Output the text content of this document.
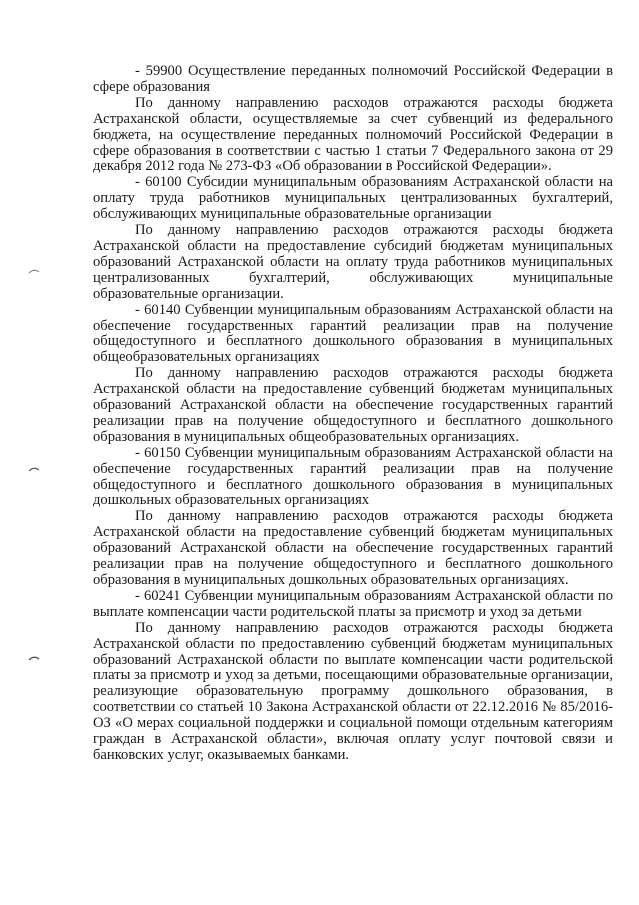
- 59900 Осуществление переданных полномочий Российской Федерации в сфере образования

По данному направлению расходов отражаются расходы бюджета Астраханской области, осуществляемые за счет субвенций из федерального бюджета, на осуществление переданных полномочий Российской Федерации в сфере образования в соответствии с частью 1 статьи 7 Федерального закона от 29 декабря 2012 года № 273-ФЗ «Об образовании в Российской Федерации».

- 60100 Субсидии муниципальным образованиям Астраханской области на оплату труда работников муниципальных централизованных бухгалтерий, обслуживающих муниципальные образовательные организации

По данному направлению расходов отражаются расходы бюджета Астраханской области на предоставление субсидий бюджетам муниципальных образований Астраханской области на оплату труда работников муниципальных централизованных бухгалтерий, обслуживающих муниципальные образовательные организации.

- 60140 Субвенции муниципальным образованиям Астраханской области на обеспечение государственных гарантий реализации прав на получение общедоступного и бесплатного дошкольного образования в муниципальных общеобразовательных организациях

По данному направлению расходов отражаются расходы бюджета Астраханской области на предоставление субвенций бюджетам муниципальных образований Астраханской области на обеспечение государственных гарантий реализации прав на получение общедоступного и бесплатного дошкольного образования в муниципальных общеобразовательных организациях.

- 60150 Субвенции муниципальным образованиям Астраханской области на обеспечение государственных гарантий реализации прав на получение общедоступного и бесплатного дошкольного образования в муниципальных дошкольных образовательных организациях

По данному направлению расходов отражаются расходы бюджета Астраханской области на предоставление субвенций бюджетам муниципальных образований Астраханской области на обеспечение государственных гарантий реализации прав на получение общедоступного и бесплатного дошкольного образования в муниципальных дошкольных образовательных организациях.

- 60241 Субвенции муниципальным образованиям Астраханской области по выплате компенсации части родительской платы за присмотр и уход за детьми

По данному направлению расходов отражаются расходы бюджета Астраханской области по предоставлению субвенций бюджетам муниципальных образований Астраханской области по выплате компенсации части родительской платы за присмотр и уход за детьми, посещающими образовательные организации, реализующие образовательную программу дошкольного образования, в соответствии со статьей 10 Закона Астраханской области от 22.12.2016 № 85/2016-ОЗ «О мерах социальной поддержки и социальной помощи отдельным категориям граждан в Астраханской области», включая оплату услуг почтовой связи и банковских услуг, оказываемых банками.
